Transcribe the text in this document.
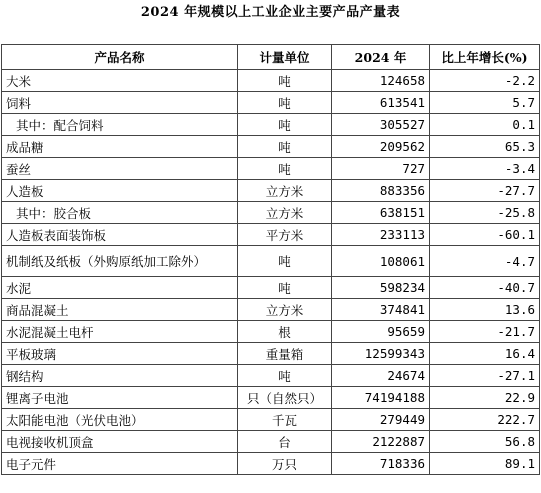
2024 年规模以上工业企业主要产品产量表
产品名称	计量单位	2024 年	比上年增长(%)
大米	吨	124658	-2.2
饲料	吨	613541	5.7
其中：配合饲料	吨	305527	0.1
成品糖	吨	209562	65.3
蚕丝	吨	727	-3.4
人造板	立方米	883356	-27.7
其中：胶合板	立方米	638151	-25.8
人造板表面装饰板	平方米	233113	-60.1
机制纸及纸板（外购原纸加工除外）	吨	108061	-4.7
水泥	吨	598234	-40.7
商品混凝土	立方米	374841	13.6
水泥混凝土电杆	根	95659	-21.7
平板玻璃	重量箱	12599343	16.4
钢结构	吨	24674	-27.1
锂离子电池	只（自然只）	74194188	22.9
太阳能电池（光伏电池）	千瓦	279449	222.7
电视接收机顶盒	台	2122887	56.8
电子元件	万只	718336	89.1
